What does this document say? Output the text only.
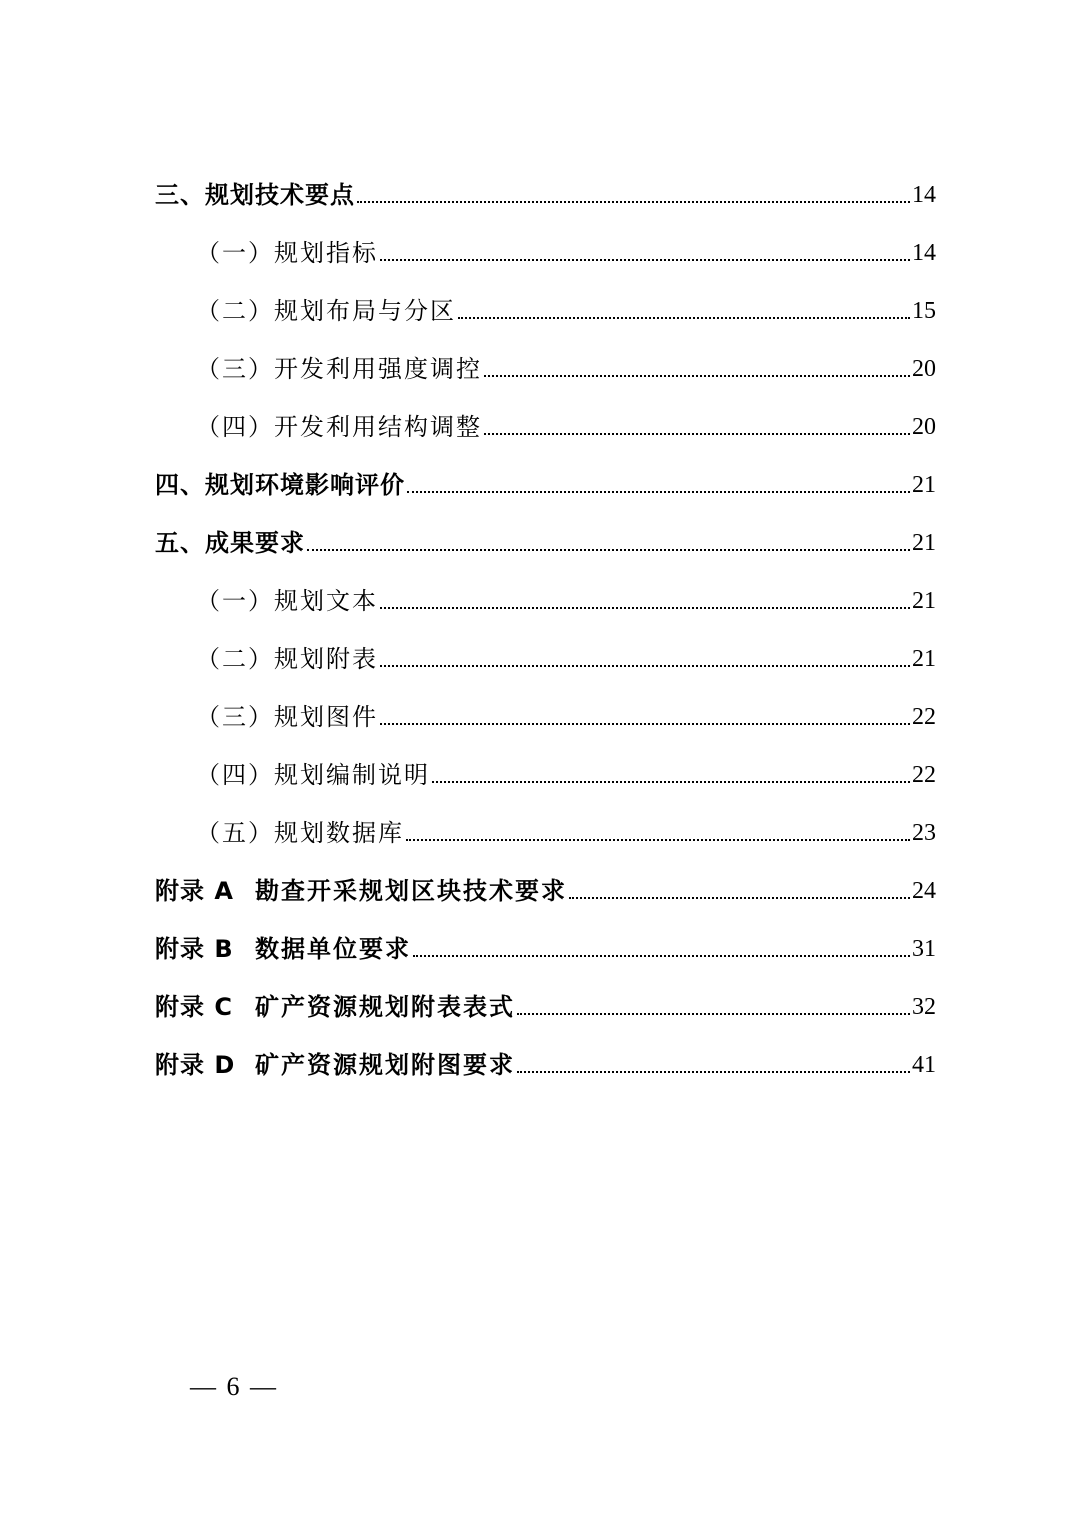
三、规划技术要点	14
（一）规划指标	14
（二）规划布局与分区	15
（三）开发利用强度调控	20
（四）开发利用结构调整	20
四、规划环境影响评价	21
五、成果要求	21
（一）规划文本	21
（二）规划附表	21
（三）规划图件	22
（四）规划编制说明	22
（五）规划数据库	23
附录 A 勘查开采规划区块技术要求	24
附录 B 数据单位要求	31
附录 C 矿产资源规划附表表式	32
附录 D 矿产资源规划附图要求	41
— 6 —
